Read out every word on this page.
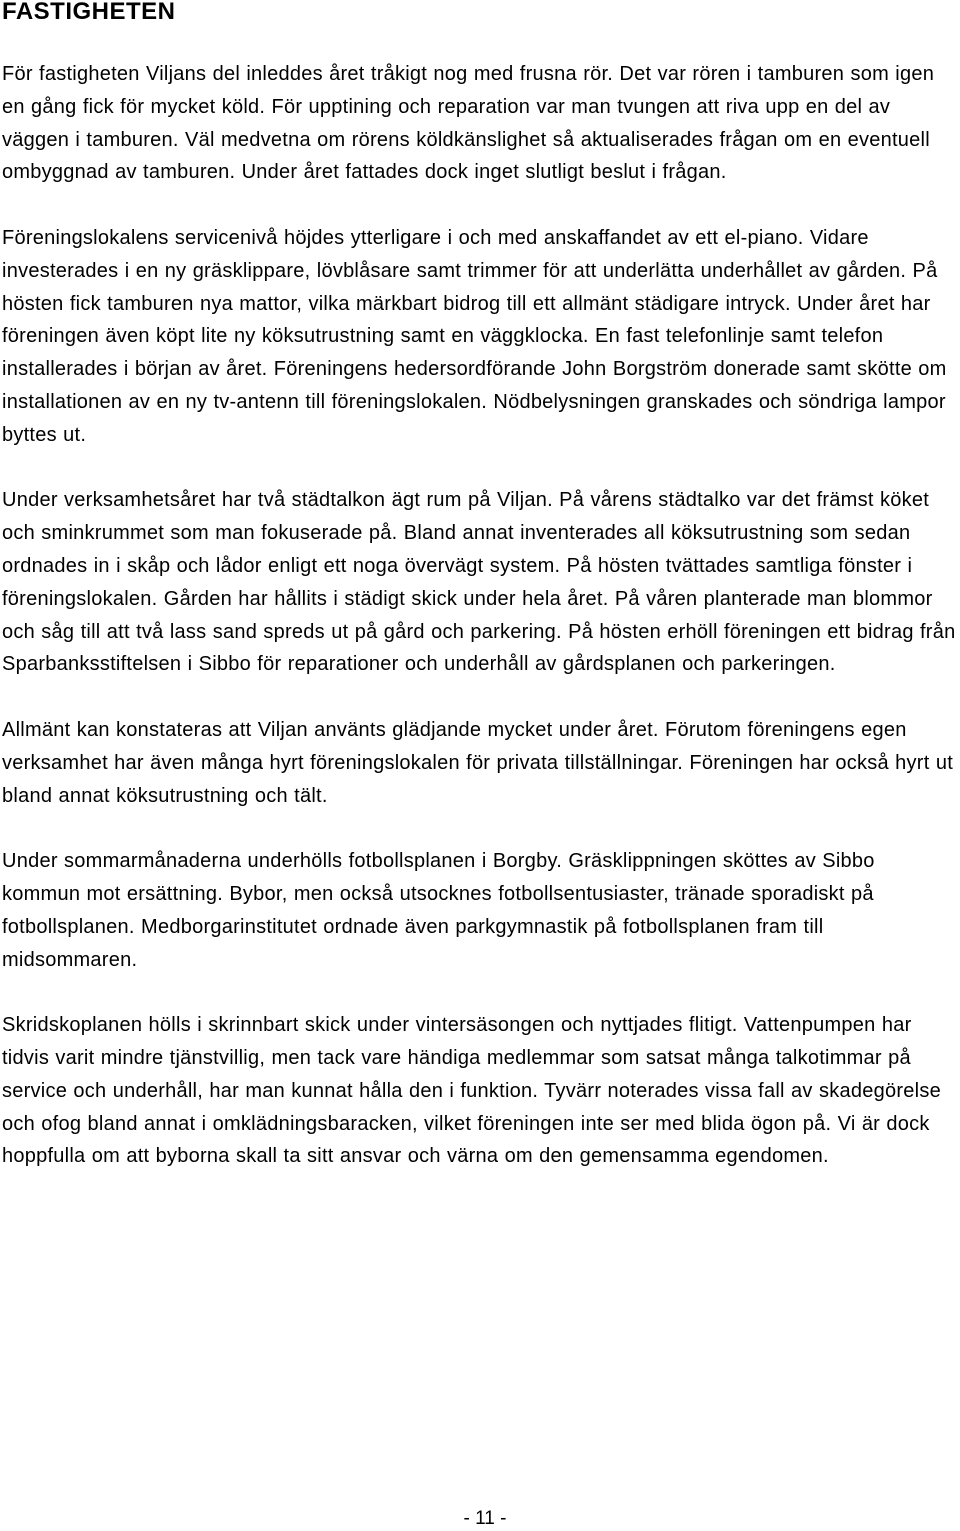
FASTIGHETEN

För fastigheten Viljans del inleddes året tråkigt nog med frusna rör. Det var rören i tamburen som igen en gång fick för mycket köld. För upptining och reparation var man tvungen att riva upp en del av väggen i tamburen. Väl medvetna om rörens köldkänslighet så aktualiserades frågan om en eventuell ombyggnad av tamburen. Under året fattades dock inget slutligt beslut i frågan.

Föreningslokalens servicenivå höjdes ytterligare i och med anskaffandet av ett el-piano. Vidare investerades i en ny gräsklippare, lövblåsare samt trimmer för att underlätta underhållet av gården. På hösten fick tamburen nya mattor, vilka märkbart bidrog till ett allmänt städigare intryck. Under året har föreningen även köpt lite ny köksutrustning samt en väggklocka. En fast telefonlinje samt telefon installerades i början av året. Föreningens hedersordförande John Borgström donerade samt skötte om installationen av en ny tv-antenn till föreningslokalen. Nödbelysningen granskades och söndriga lampor byttes ut.

Under verksamhetsåret har två städtalkon ägt rum på Viljan. På vårens städtalko var det främst köket och sminkrummet som man fokuserade på. Bland annat inventerades all köksutrustning som sedan ordnades in i skåp och lådor enligt ett noga övervägt system. På hösten tvättades samtliga fönster i föreningslokalen. Gården har hållits i städigt skick under hela året. På våren planterade man blommor och såg till att två lass sand spreds ut på gård och parkering. På hösten erhöll föreningen ett bidrag från Sparbanksstiftelsen i Sibbo för reparationer och underhåll av gårdsplanen och parkeringen.

Allmänt kan konstateras att Viljan använts glädjande mycket under året. Förutom föreningens egen verksamhet har även många hyrt föreningslokalen för privata tillställningar. Föreningen har också hyrt ut bland annat köksutrustning och tält.

Under sommarmånaderna underhölls fotbollsplanen i Borgby. Gräsklippningen sköttes av Sibbo kommun mot ersättning. Bybor, men också utsocknes fotbollsentusiaster, tränade sporadiskt på fotbollsplanen. Medborgarinstitutet ordnade även parkgymnastik på fotbollsplanen fram till midsommaren.

Skridskoplanen hölls i skrinnbart skick under vintersäsongen och nyttjades flitigt. Vattenpumpen har tidvis varit mindre tjänstvillig, men tack vare händiga medlemmar som satsat många talkotimmar på service och underhåll, har man kunnat hålla den i funktion. Tyvärr noterades vissa fall av skadegörelse och ofog bland annat i omklädningsbaracken, vilket föreningen inte ser med blida ögon på. Vi är dock hoppfulla om att byborna skall ta sitt ansvar och värna om den gemensamma egendomen.

- 11 -
